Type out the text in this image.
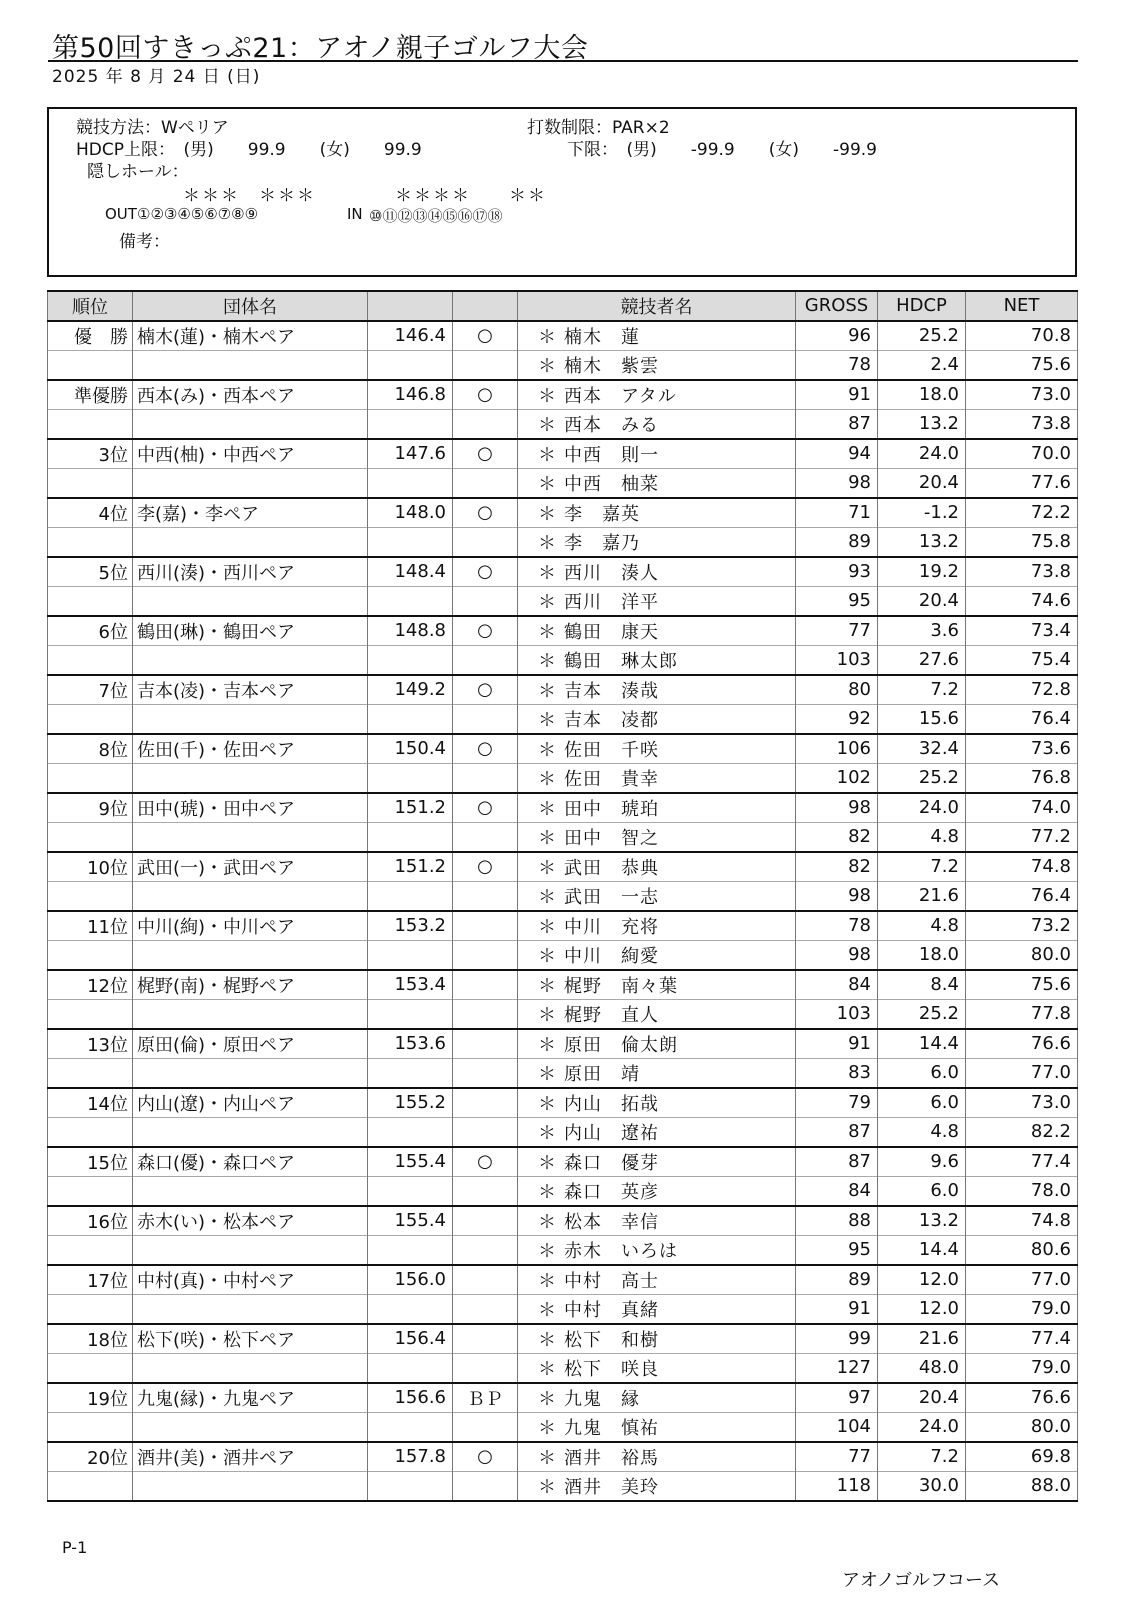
第50回すきっぷ21：アオノ親子ゴルフ大会
2025 年 8 月 24 日 (日)
競技方法：Wペリア	打数制限：PAR×2
HDCP上限：　(男)　　99.9　　(女)　　99.9	下限：　(男)　　-99.9　　(女)　　-99.9
隠しホール：
＊＊＊　＊＊＊	＊＊＊＊　　＊＊
OUT ①②③④⑤⑥⑦⑧⑨	IN ⑩⑪⑫⑬⑭⑮⑯⑰⑱
備考：
順位	団体名			競技者名	GROSS	HDCP	NET
優　勝	楠木(蓮)・楠木ペア	146.4	○	＊ 楠木　蓮	96	25.2	70.8
				＊ 楠木　紫雲	78	2.4	75.6
準優勝	西本(み)・西本ペア	146.8	○	＊ 西本　アタル	91	18.0	73.0
				＊ 西本　みる	87	13.2	73.8
3位	中西(柚)・中西ペア	147.6	○	＊ 中西　則一	94	24.0	70.0
				＊ 中西　柚菜	98	20.4	77.6
4位	李(嘉)・李ペア	148.0	○	＊ 李　嘉英	71	-1.2	72.2
				＊ 李　嘉乃	89	13.2	75.8
5位	西川(湊)・西川ペア	148.4	○	＊ 西川　湊人	93	19.2	73.8
				＊ 西川　洋平	95	20.4	74.6
6位	鶴田(琳)・鶴田ペア	148.8	○	＊ 鶴田　康天	77	3.6	73.4
				＊ 鶴田　琳太郎	103	27.6	75.4
7位	吉本(凌)・吉本ペア	149.2	○	＊ 吉本　湊哉	80	7.2	72.8
				＊ 吉本　凌都	92	15.6	76.4
8位	佐田(千)・佐田ペア	150.4	○	＊ 佐田　千咲	106	32.4	73.6
				＊ 佐田　貴幸	102	25.2	76.8
9位	田中(琥)・田中ペア	151.2	○	＊ 田中　琥珀	98	24.0	74.0
				＊ 田中　智之	82	4.8	77.2
10位	武田(一)・武田ペア	151.2	○	＊ 武田　恭典	82	7.2	74.8
				＊ 武田　一志	98	21.6	76.4
11位	中川(絢)・中川ペア	153.2		＊ 中川　充将	78	4.8	73.2
				＊ 中川　絢愛	98	18.0	80.0
12位	梶野(南)・梶野ペア	153.4		＊ 梶野　南々葉	84	8.4	75.6
				＊ 梶野　直人	103	25.2	77.8
13位	原田(倫)・原田ペア	153.6		＊ 原田　倫太朗	91	14.4	76.6
				＊ 原田　靖	83	6.0	77.0
14位	内山(遼)・内山ペア	155.2		＊ 内山　拓哉	79	6.0	73.0
				＊ 内山　遼祐	87	4.8	82.2
15位	森口(優)・森口ペア	155.4	○	＊ 森口　優芽	87	9.6	77.4
				＊ 森口　英彦	84	6.0	78.0
16位	赤木(い)・松本ペア	155.4		＊ 松本　幸信	88	13.2	74.8
				＊ 赤木　いろは	95	14.4	80.6
17位	中村(真)・中村ペア	156.0		＊ 中村　高士	89	12.0	77.0
				＊ 中村　真緒	91	12.0	79.0
18位	松下(咲)・松下ペア	156.4		＊ 松下　和樹	99	21.6	77.4
				＊ 松下　咲良	127	48.0	79.0
19位	九鬼(縁)・九鬼ペア	156.6	ＢＰ	＊ 九鬼　縁	97	20.4	76.6
				＊ 九鬼　慎祐	104	24.0	80.0
20位	酒井(美)・酒井ペア	157.8	○	＊ 酒井　裕馬	77	7.2	69.8
				＊ 酒井　美玲	118	30.0	88.0
P-1
アオノゴルフコース
